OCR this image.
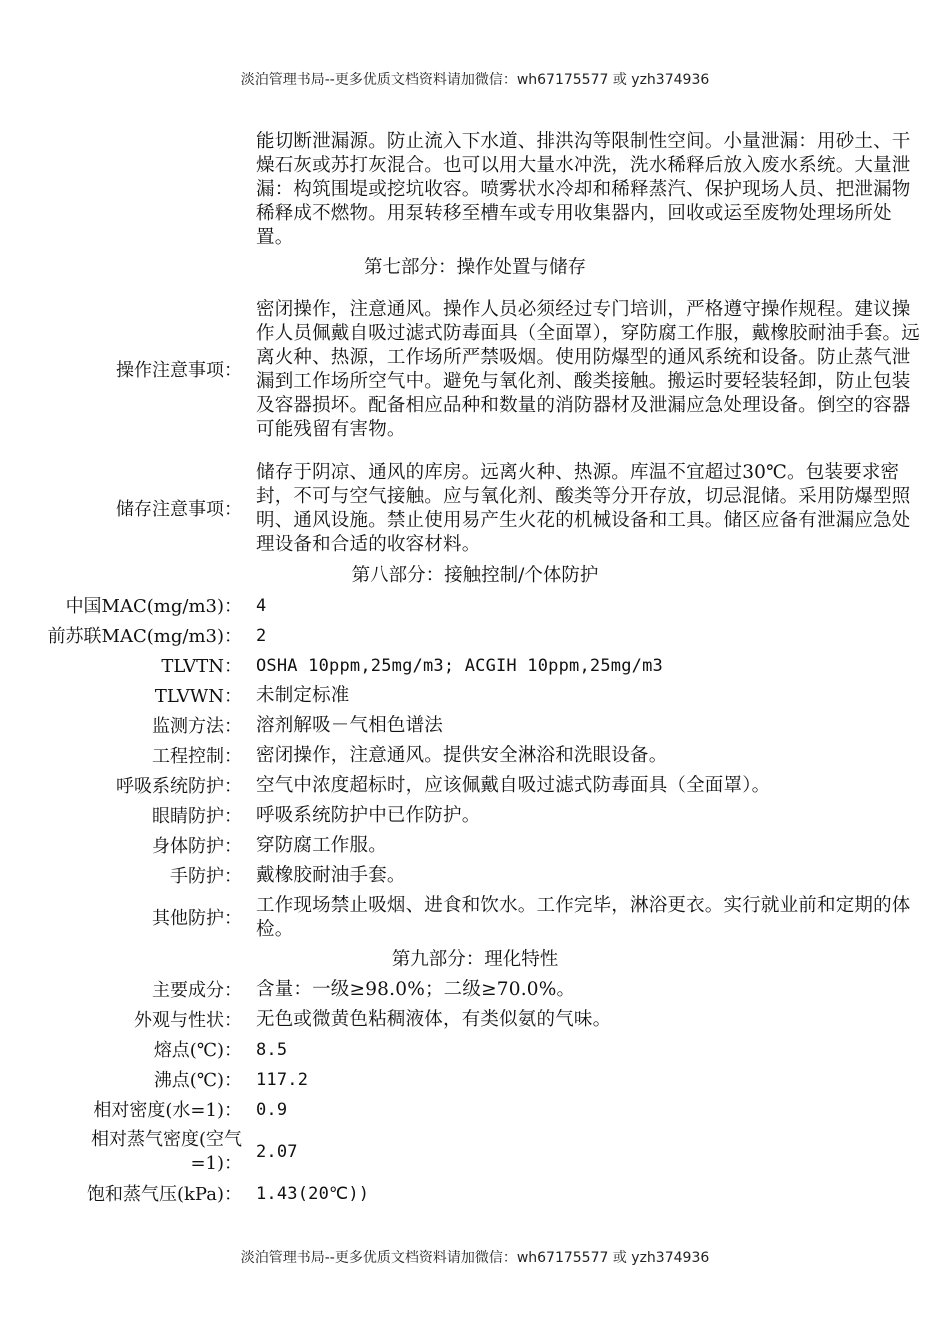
淡泊管理书局--更多优质文档资料请加微信：wh67175577 或 yzh374936
能切断泄漏源。防止流入下水道、排洪沟等限制性空间。小量泄漏：用砂土、干燥石灰或苏打灰混合。也可以用大量水冲洗，洗水稀释后放入废水系统。大量泄漏：构筑围堤或挖坑收容。喷雾状水冷却和稀释蒸汽、保护现场人员、把泄漏物稀释成不燃物。用泵转移至槽车或专用收集器内，回收或运至废物处理场所处置。
第七部分：操作处置与储存
操作注意事项：
密闭操作，注意通风。操作人员必须经过专门培训，严格遵守操作规程。建议操作人员佩戴自吸过滤式防毒面具（全面罩），穿防腐工作服，戴橡胶耐油手套。远离火种、热源，工作场所严禁吸烟。使用防爆型的通风系统和设备。防止蒸气泄漏到工作场所空气中。避免与氧化剂、酸类接触。搬运时要轻装轻卸，防止包装及容器损坏。配备相应品种和数量的消防器材及泄漏应急处理设备。倒空的容器可能残留有害物。
储存注意事项：
储存于阴凉、通风的库房。远离火种、热源。库温不宜超过30℃。包装要求密封，不可与空气接触。应与氧化剂、酸类等分开存放，切忌混储。采用防爆型照明、通风设施。禁止使用易产生火花的机械设备和工具。储区应备有泄漏应急处理设备和合适的收容材料。
第八部分：接触控制/个体防护
中国MAC(mg/m3)： 4
前苏联MAC(mg/m3)： 2
TLVTN： OSHA 10ppm,25mg/m3; ACGIH 10ppm,25mg/m3
TLVWN： 未制定标准
监测方法： 溶剂解吸－气相色谱法
工程控制： 密闭操作，注意通风。提供安全淋浴和洗眼设备。
呼吸系统防护： 空气中浓度超标时，应该佩戴自吸过滤式防毒面具（全面罩）。
眼睛防护： 呼吸系统防护中已作防护。
身体防护： 穿防腐工作服。
手防护： 戴橡胶耐油手套。
其他防护：
工作现场禁止吸烟、进食和饮水。工作完毕，淋浴更衣。实行就业前和定期的体检。
第九部分：理化特性
主要成分： 含量：一级≥98.0%；二级≥70.0%。
外观与性状： 无色或微黄色粘稠液体，有类似氨的气味。
熔点(℃)： 8.5
沸点(℃)： 117.2
相对密度(水=1)： 0.9
相对蒸气密度(空气=1)：
2.07
饱和蒸气压(kPa)： 1.43(20℃))
淡泊管理书局--更多优质文档资料请加微信：wh67175577 或 yzh374936
